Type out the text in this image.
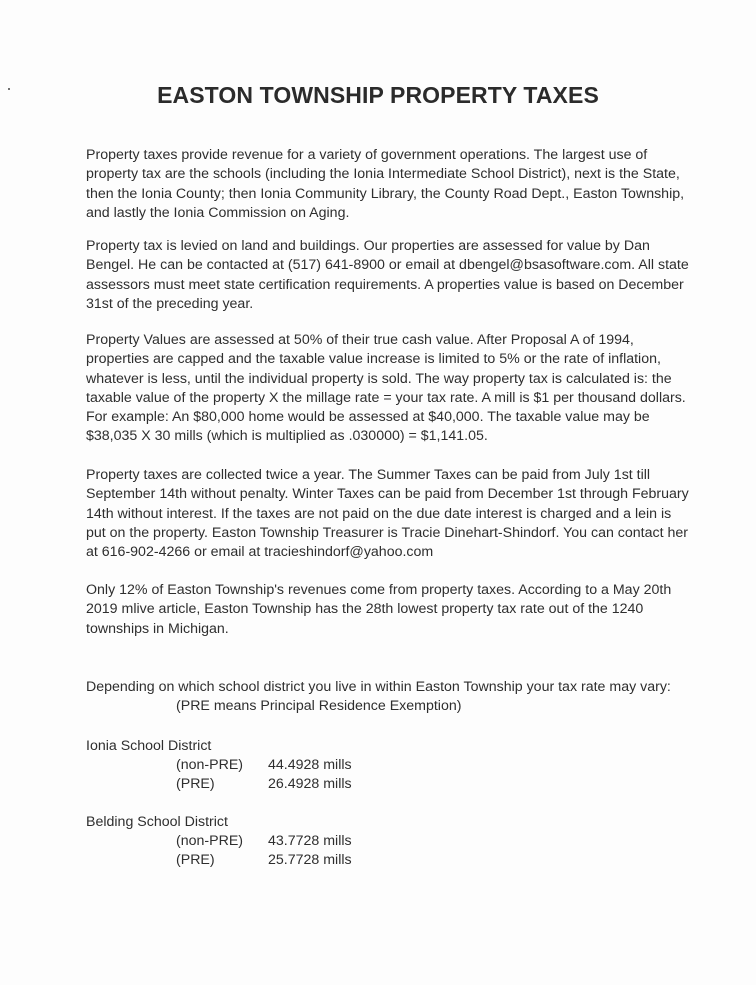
EASTON TOWNSHIP PROPERTY TAXES
Property taxes provide revenue for a variety of government operations. The largest use of
property tax are the schools (including the Ionia Intermediate School District), next is the State,
then the Ionia County; then Ionia Community Library, the County Road Dept., Easton Township,
and lastly the Ionia Commission on Aging.
Property tax is levied on land and buildings. Our properties are assessed for value by Dan
Bengel. He can be contacted at (517) 641-8900 or email at dbengel@bsasoftware.com. All state
assessors must meet state certification requirements. A properties value is based on December
31st of the preceding year.
Property Values are assessed at 50% of their true cash value. After Proposal A of 1994,
properties are capped and the taxable value increase is limited to 5% or the rate of inflation,
whatever is less, until the individual property is sold. The way property tax is calculated is: the
taxable value of the property X the millage rate = your tax rate. A mill is $1 per thousand dollars.
For example: An $80,000 home would be assessed at $40,000. The taxable value may be
$38,035 X 30 mills (which is multiplied as .030000) = $1,141.05.
Property taxes are collected twice a year. The Summer Taxes can be paid from July 1st till
September 14th without penalty. Winter Taxes can be paid from December 1st through February
14th without interest. If the taxes are not paid on the due date interest is charged and a lein is
put on the property. Easton Township Treasurer is Tracie Dinehart-Shindorf. You can contact her
at 616-902-4266 or email at tracieshindorf@yahoo.com
Only 12% of Easton Township's revenues come from property taxes. According to a May 20th
2019 mlive article, Easton Township has the 28th lowest property tax rate out of the 1240
townships in Michigan.
Depending on which school district you live in within Easton Township your tax rate may vary:
(PRE means Principal Residence Exemption)
Ionia School District
(non-PRE) 44.4928 mills
(PRE)	26.4928 mills
Belding School District
(non-PRE) 43.7728 mills
(PRE)	25.7728 mills
